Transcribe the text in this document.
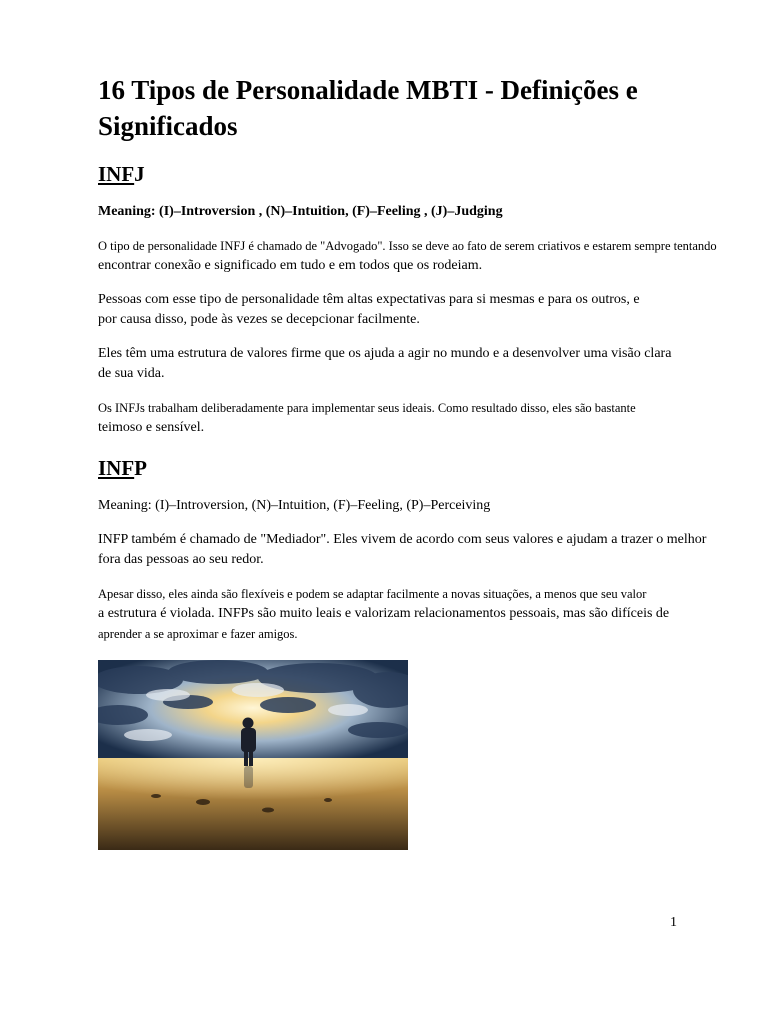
16 Tipos de Personalidade MBTI - Definições e Significados
INFJ

Meaning: (I)–Introversion , (N)–Intuition, (F)–Feeling , (J)–Judging

O tipo de personalidade INFJ é chamado de "Advogado". Isso se deve ao fato de serem criativos e estarem sempre tentando
encontrar conexão e significado em tudo e em todos que os rodeiam.

Pessoas com esse tipo de personalidade têm altas expectativas para si mesmas e para os outros, e
por causa disso, pode às vezes se decepcionar facilmente.

Eles têm uma estrutura de valores firme que os ajuda a agir no mundo e a desenvolver uma visão clara
de sua vida.

Os INFJs trabalham deliberadamente para implementar seus ideais. Como resultado disso, eles são bastante
teimoso e sensível.

INFP

Meaning: (I)–Introversion, (N)–Intuition, (F)–Feeling, (P)–Perceiving

INFP também é chamado de "Mediador". Eles vivem de acordo com seus valores e ajudam a trazer o melhor
fora das pessoas ao seu redor.

Apesar disso, eles ainda são flexíveis e podem se adaptar facilmente a novas situações, a menos que seu valor
a estrutura é violada. INFPs são muito leais e valorizam relacionamentos pessoais, mas são difíceis de
aprender a se aproximar e fazer amigos.

1
